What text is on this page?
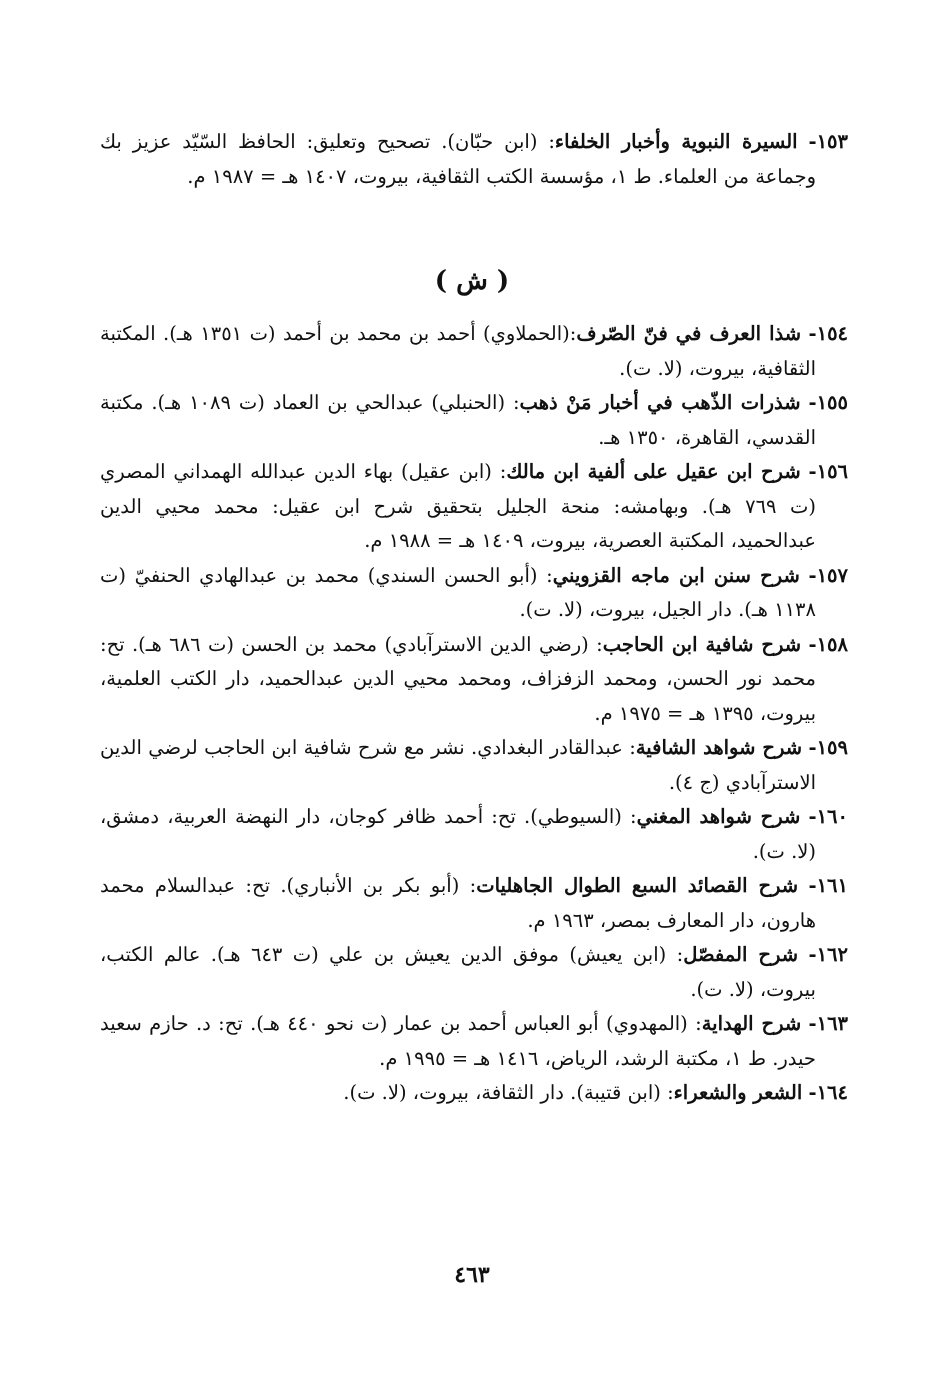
١٥٣- السيرة النبوية وأخبار الخلفاء: (ابن حبّان). تصحيح وتعليق: الحافظ السّيّد عزيز بك وجماعة من العلماء. ط ١، مؤسسة الكتب الثقافية، بيروت، ١٤٠٧ هـ = ١٩٨٧ م.

( ش )

١٥٤- شذا العرف في فنّ الصّرف:(الحملاوي) أحمد بن محمد بن أحمد (ت ١٣٥١ هـ). المكتبة الثقافية، بيروت، (لا. ت).

١٥٥- شذرات الذّهب في أخبار مَنْ ذهب: (الحنبلي) عبدالحي بن العماد (ت ١٠٨٩ هـ). مكتبة القدسي، القاهرة، ١٣٥٠ هـ.

١٥٦- شرح ابن عقيل على ألفية ابن مالك: (ابن عقيل) بهاء الدين عبدالله الهمداني المصري (ت ٧٦٩ هـ). وبهامشه: منحة الجليل بتحقيق شرح ابن عقيل: محمد محيي الدين عبدالحميد، المكتبة العصرية، بيروت، ١٤٠٩ هـ = ١٩٨٨ م.

١٥٧- شرح سنن ابن ماجه القزويني: (أبو الحسن السندي) محمد بن عبدالهادي الحنفيّ (ت ١١٣٨ هـ). دار الجيل، بيروت، (لا. ت).

١٥٨- شرح شافية ابن الحاجب: (رضي الدين الاسترآبادي) محمد بن الحسن (ت ٦٨٦ هـ). تح: محمد نور الحسن، ومحمد الزفزاف، ومحمد محيي الدين عبدالحميد، دار الكتب العلمية، بيروت، ١٣٩٥ هـ = ١٩٧٥ م.

١٥٩- شرح شواهد الشافية: عبدالقادر البغدادي. نشر مع شرح شافية ابن الحاجب لرضي الدين الاسترآبادي (ج ٤).

١٦٠- شرح شواهد المغني: (السيوطي). تح: أحمد ظافر كوجان، دار النهضة العربية، دمشق، (لا. ت).

١٦١- شرح القصائد السبع الطوال الجاهليات: (أبو بكر بن الأنباري). تح: عبدالسلام محمد هارون، دار المعارف بمصر، ١٩٦٣ م.

١٦٢- شرح المفصّل: (ابن يعيش) موفق الدين يعيش بن علي (ت ٦٤٣ هـ). عالم الكتب، بيروت، (لا. ت).

١٦٣- شرح الهداية: (المهدوي) أبو العباس أحمد بن عمار (ت نحو ٤٤٠ هـ). تح: د. حازم سعيد حيدر. ط ١، مكتبة الرشد، الرياض، ١٤١٦ هـ = ١٩٩٥ م.

١٦٤- الشعر والشعراء: (ابن قتيبة). دار الثقافة، بيروت، (لا. ت).

٤٦٣
